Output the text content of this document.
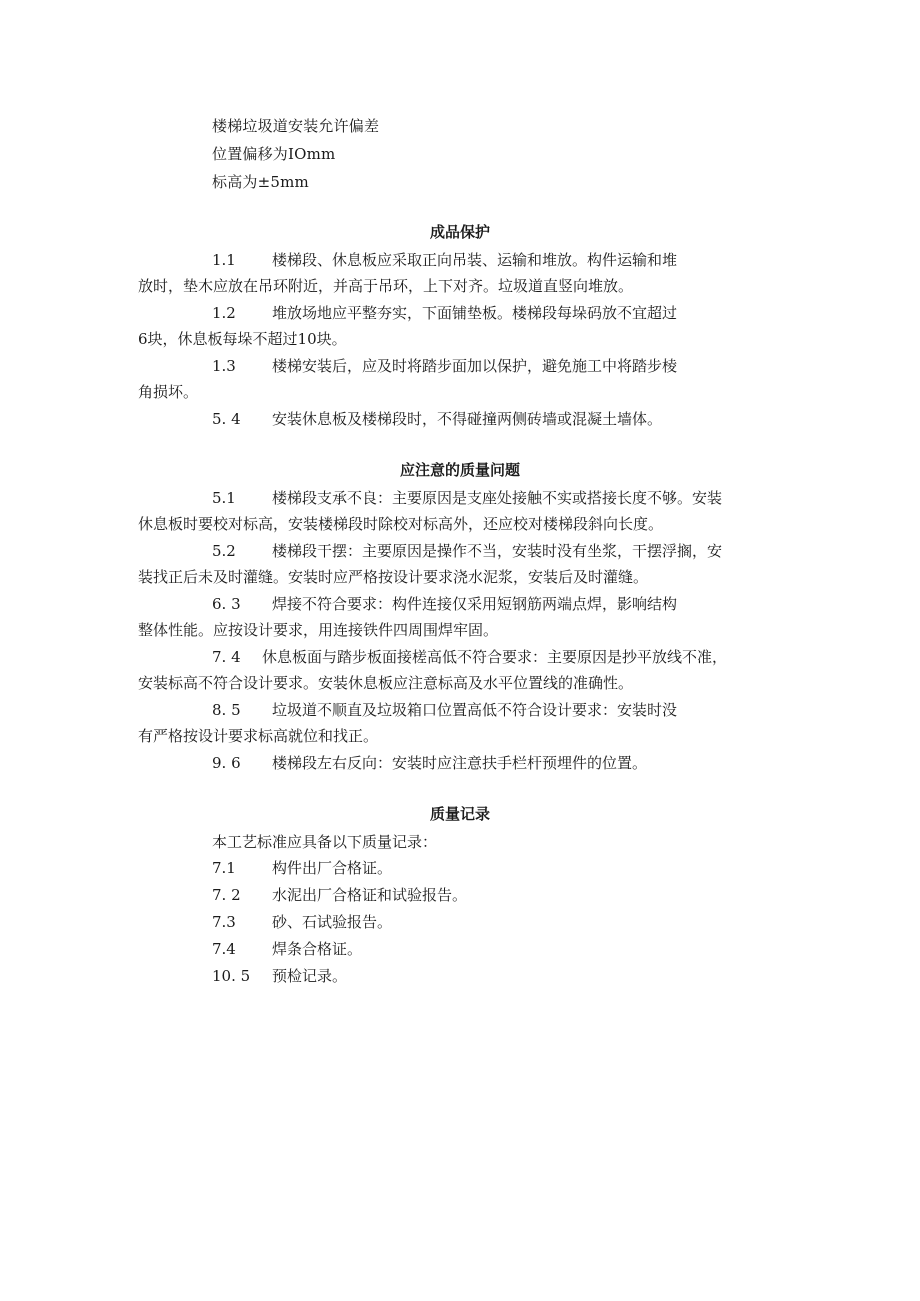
楼梯垃圾道安装允许偏差
位置偏移为IOmm
标高为±5mm
成品保护
1.1 楼梯段、休息板应采取正向吊装、运输和堆放。构件运输和堆
放时，垫木应放在吊环附近，并高于吊环，上下对齐。垃圾道直竖向堆放。
1.2 堆放场地应平整夯实，下面铺垫板。楼梯段每垛码放不宜超过
6块，休息板每垛不超过10块。
1.3 楼梯安装后，应及时将踏步面加以保护，避免施工中将踏步棱
角损坏。
5. 4 安装休息板及楼梯段时，不得碰撞两侧砖墙或混凝土墙体。
应注意的质量问题
5.1 楼梯段支承不良：主要原因是支座处接触不实或搭接长度不够。安装
休息板时要校对标高，安装楼梯段时除校对标高外，还应校对楼梯段斜向长度。
5.2 楼梯段干摆：主要原因是操作不当，安装时没有坐浆，干摆浮搁，安
装找正后未及时灌缝。安装时应严格按设计要求浇水泥浆，安装后及时灌缝。
6. 3 焊接不符合要求：构件连接仅采用短钢筋两端点焊，影响结构
整体性能。应按设计要求，用连接铁件四周围焊牢固。
7. 4 休息板面与踏步板面接槎高低不符合要求：主要原因是抄平放线不准，
安装标高不符合设计要求。安装休息板应注意标高及水平位置线的准确性。
8. 5 垃圾道不顺直及垃圾箱口位置高低不符合设计要求：安装时没
有严格按设计要求标高就位和找正。
9. 6 楼梯段左右反向：安装时应注意扶手栏杆预埋件的位置。
质量记录
本工艺标准应具备以下质量记录：
7.1 构件出厂合格证。
7. 2 水泥出厂合格证和试验报告。
7.3 砂、石试验报告。
7.4 焊条合格证。
10. 5 预检记录。
